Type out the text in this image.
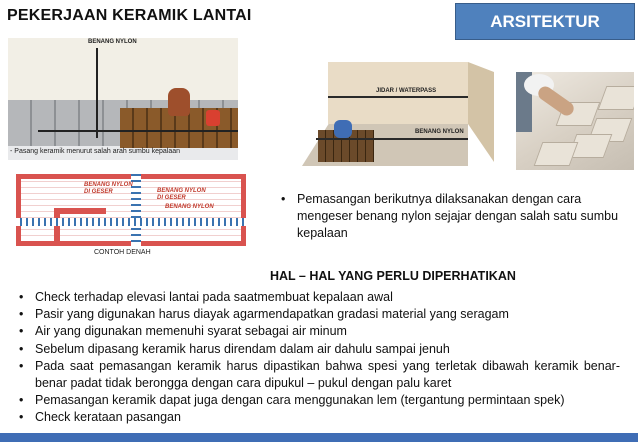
PEKERJAAN KERAMIK LANTAI	ARSITEKTUR
BENANG NYLON
- Pasang keramik menurut salah arah sumbu kepalaan
BENANG NYLON
DI GESER	BENANG NYLON
DI GESER
BENANG NYLON
CONTOH DENAH
JIDAR / WATERPASS
BENANG NYLON
• Pemasangan berikutnya dilaksanakan dengan cara mengeser benang nylon sejajar dengan salah satu sumbu kepalaan
HAL – HAL YANG PERLU DIPERHATIKAN
• Check terhadap elevasi lantai pada saatmembuat kepalaan awal
• Pasir yang digunakan harus diayak agarmendapatkan gradasi material yang seragam
• Air yang digunakan memenuhi syarat sebagai air minum
• Sebelum dipasang keramik harus direndam dalam air dahulu sampai jenuh
• Pada saat pemasangan keramik harus dipastikan bahwa spesi yang terletak dibawah keramik benar-benar padat tidak berongga dengan cara dipukul – pukul dengan palu karet
• Pemasangan keramik dapat juga dengan cara menggunakan lem (tergantung permintaan spek)
• Check kerataan pasangan
